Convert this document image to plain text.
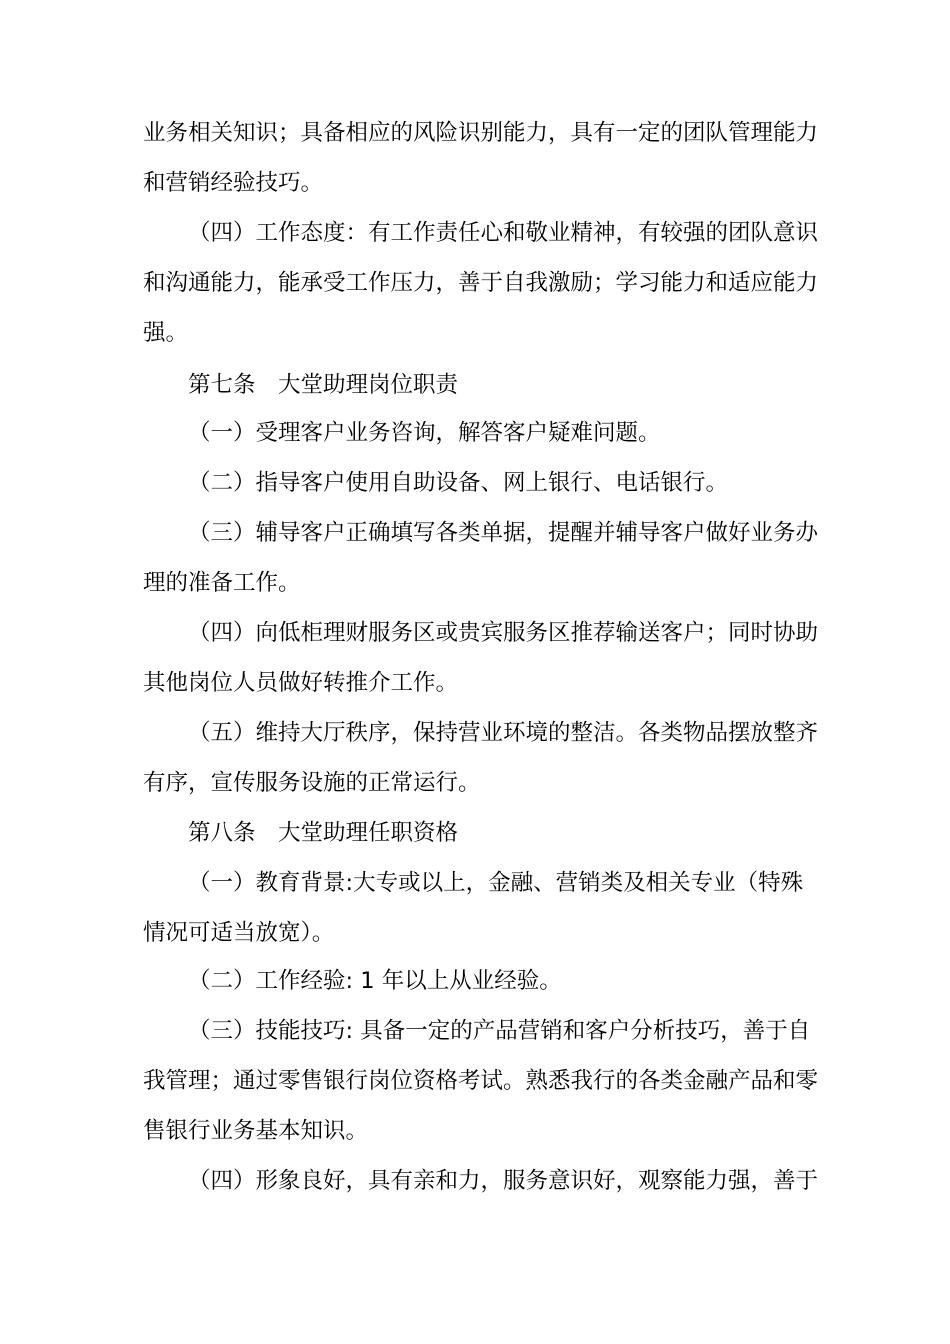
业务相关知识；具备相应的风险识别能力，具有一定的团队管理能力
和营销经验技巧。
（四）工作态度：有工作责任心和敬业精神，有较强的团队意识
和沟通能力，能承受工作压力，善于自我激励；学习能力和适应能力
强。
第七条　大堂助理岗位职责
（一）受理客户业务咨询，解答客户疑难问题。
（二）指导客户使用自助设备、网上银行、电话银行。
（三）辅导客户正确填写各类单据，提醒并辅导客户做好业务办
理的准备工作。
（四）向低柜理财服务区或贵宾服务区推荐输送客户；同时协助
其他岗位人员做好转推介工作。
（五）维持大厅秩序，保持营业环境的整洁。各类物品摆放整齐
有序，宣传服务设施的正常运行。
第八条　大堂助理任职资格
（一）教育背景:大专或以上，金融、营销类及相关专业（特殊
情况可适当放宽）。
（二）工作经验: 1 年以上从业经验。
（三）技能技巧: 具备一定的产品营销和客户分析技巧，善于自
我管理；通过零售银行岗位资格考试。熟悉我行的各类金融产品和零
售银行业务基本知识。
（四）形象良好，具有亲和力，服务意识好，观察能力强，善于
